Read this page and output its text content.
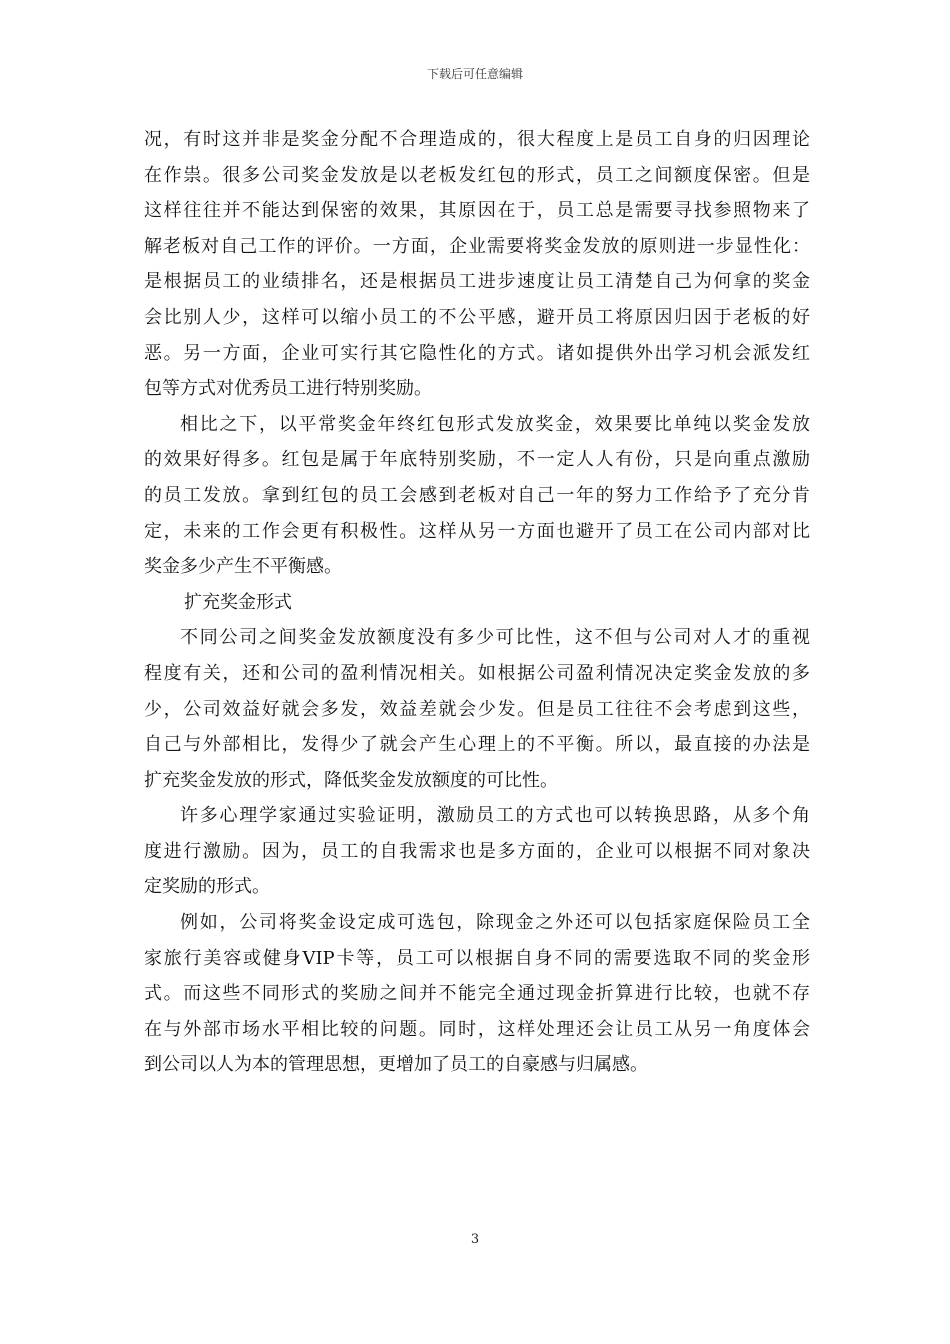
下载后可任意编辑
况，有时这并非是奖金分配不合理造成的，很大程度上是员工自身的归因理论
在作祟。很多公司奖金发放是以老板发红包的形式，员工之间额度保密。但是
这样往往并不能达到保密的效果，其原因在于，员工总是需要寻找参照物来了
解老板对自己工作的评价。一方面，企业需要将奖金发放的原则进一步显性化：
是根据员工的业绩排名，还是根据员工进步速度让员工清楚自己为何拿的奖金
会比别人少，这样可以缩小员工的不公平感，避开员工将原因归因于老板的好
恶。另一方面，企业可实行其它隐性化的方式。诸如提供外出学习机会派发红
包等方式对优秀员工进行特别奖励。
相比之下，以平常奖金年终红包形式发放奖金，效果要比单纯以奖金发放
的效果好得多。红包是属于年底特别奖励，不一定人人有份，只是向重点激励
的员工发放。拿到红包的员工会感到老板对自己一年的努力工作给予了充分肯
定，未来的工作会更有积极性。这样从另一方面也避开了员工在公司内部对比
奖金多少产生不平衡感。
扩充奖金形式
不同公司之间奖金发放额度没有多少可比性，这不但与公司对人才的重视
程度有关，还和公司的盈利情况相关。如根据公司盈利情况决定奖金发放的多
少，公司效益好就会多发，效益差就会少发。但是员工往往不会考虑到这些，
自己与外部相比，发得少了就会产生心理上的不平衡。所以，最直接的办法是
扩充奖金发放的形式，降低奖金发放额度的可比性。
许多心理学家通过实验证明，激励员工的方式也可以转换思路，从多个角
度进行激励。因为，员工的自我需求也是多方面的，企业可以根据不同对象决
定奖励的形式。
例如，公司将奖金设定成可选包，除现金之外还可以包括家庭保险员工全
家旅行美容或健身VIP卡等，员工可以根据自身不同的需要选取不同的奖金形
式。而这些不同形式的奖励之间并不能完全通过现金折算进行比较，也就不存
在与外部市场水平相比较的问题。同时，这样处理还会让员工从另一角度体会
到公司以人为本的管理思想，更增加了员工的自豪感与归属感。
3
